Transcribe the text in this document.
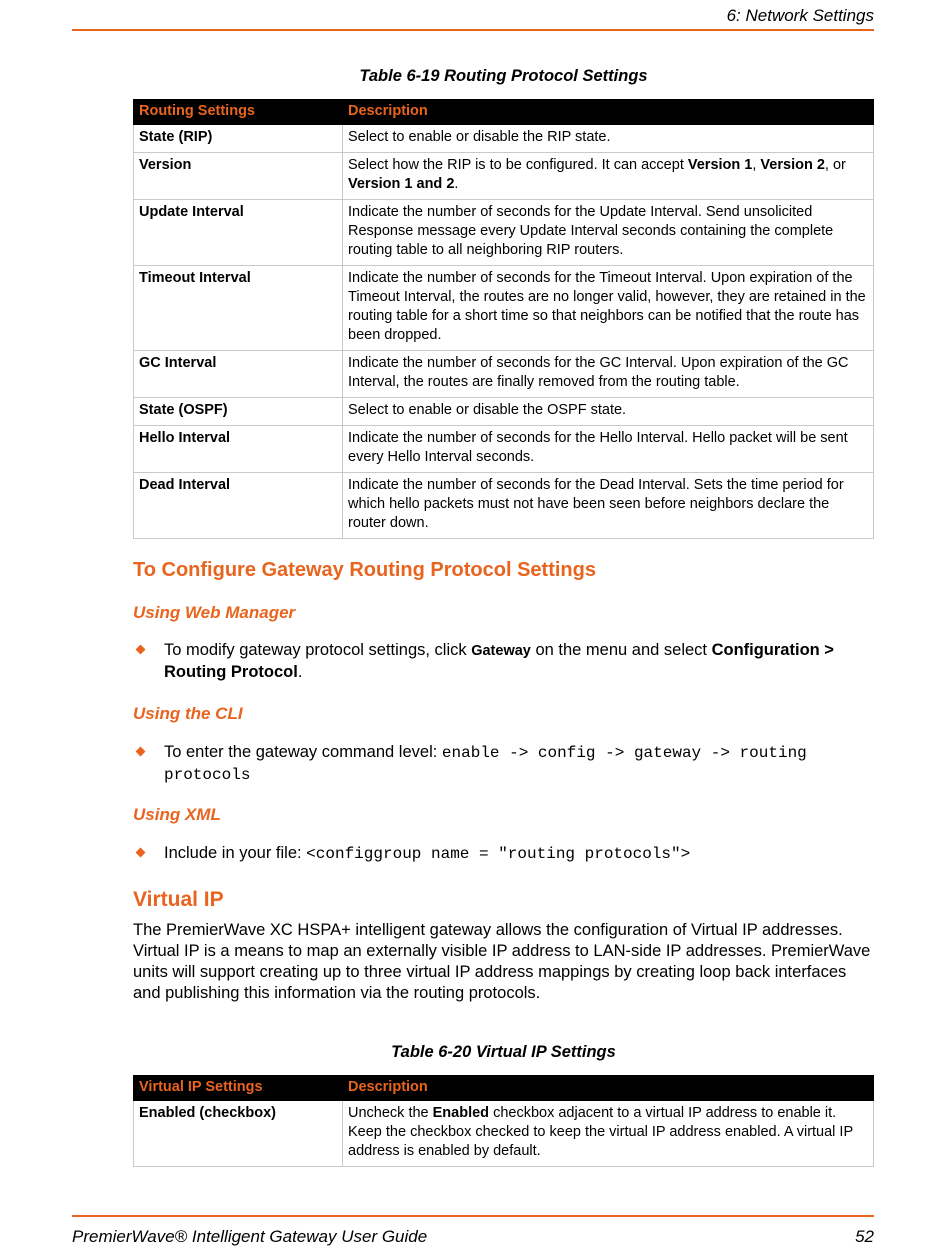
6: Network Settings
Table 6-19 Routing Protocol Settings
Routing Settings	Description
State (RIP)	Select to enable or disable the RIP state.
Version	Select how the RIP is to be configured. It can accept Version 1, Version 2, or Version 1 and 2.
Update Interval	Indicate the number of seconds for the Update Interval. Send unsolicited Response message every Update Interval seconds containing the complete routing table to all neighboring RIP routers.
Timeout Interval	Indicate the number of seconds for the Timeout Interval. Upon expiration of the Timeout Interval, the routes are no longer valid, however, they are retained in the routing table for a short time so that neighbors can be notified that the route has been dropped.
GC Interval	Indicate the number of seconds for the GC Interval. Upon expiration of the GC Interval, the routes are finally removed from the routing table.
State (OSPF)	Select to enable or disable the OSPF state.
Hello Interval	Indicate the number of seconds for the Hello Interval. Hello packet will be sent every Hello Interval seconds.
Dead Interval	Indicate the number of seconds for the Dead Interval. Sets the time period for which hello packets must not have been seen before neighbors declare the router down.
To Configure Gateway Routing Protocol Settings
Using Web Manager
To modify gateway protocol settings, click Gateway on the menu and select Configuration > Routing Protocol.
Using the CLI
To enter the gateway command level: enable -> config -> gateway -> routing protocols
Using XML
Include in your file: <configgroup name = "routing protocols">
Virtual IP
The PremierWave XC HSPA+ intelligent gateway allows the configuration of Virtual IP addresses. Virtual IP is a means to map an externally visible IP address to LAN-side IP addresses. PremierWave units will support creating up to three virtual IP address mappings by creating loop back interfaces and publishing this information via the routing protocols.
Table 6-20 Virtual IP Settings
Virtual IP Settings	Description
Enabled (checkbox)	Uncheck the Enabled checkbox adjacent to a virtual IP address to enable it. Keep the checkbox checked to keep the virtual IP address enabled. A virtual IP address is enabled by default.
PremierWave® Intelligent Gateway User Guide	52
